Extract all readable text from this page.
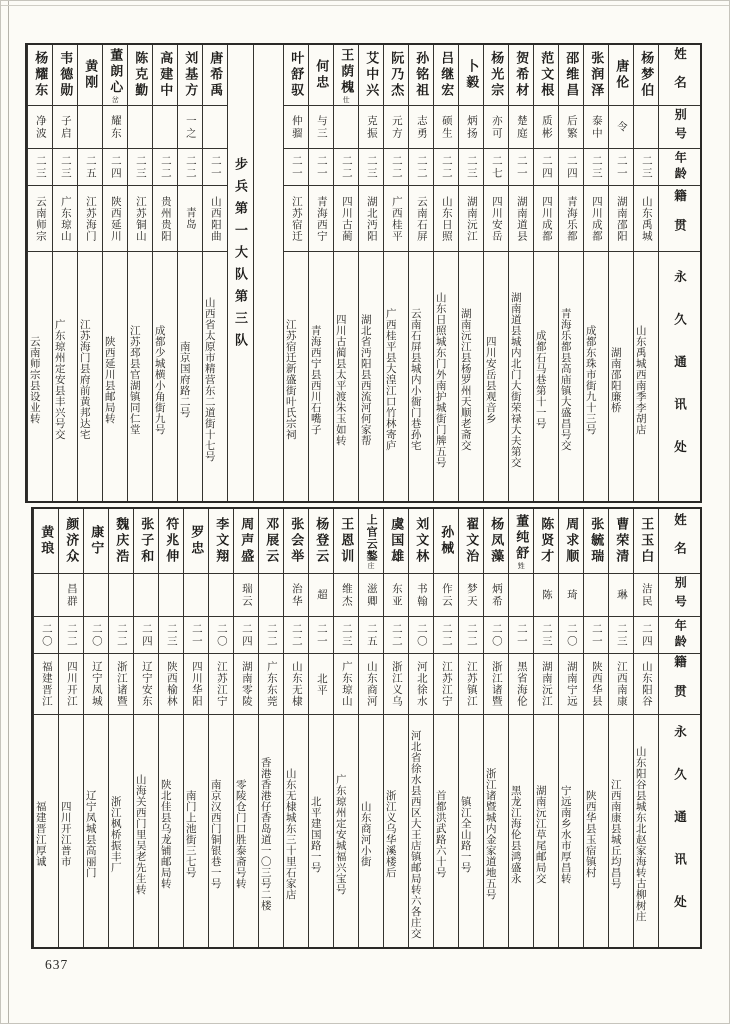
姓名
别号
年龄
籍贯
永久通讯处
杨梦伯
二三
山东禹城
山东禹城西南季李胡店
唐伦
令
二一
湖南邵阳
湖南邵阳廉桥
张润泽
泰中
二三
四川成都
成都东珠市街九十三号
邵维昌
后繁
二四
青海乐都
青海乐都县高庙镇大盛昌号交
范文根
质彬
二四
四川成都
成都石马巷第十一号
贺希材
楚庭
二一
湖南道县
湖南道县城内北门大街荣禄大夫第交
杨光宗
亦可
二七
四川安岳
四川安岳县观音乡
卜毅
炳扬
二三
湖南沅江
湖南沅江县杨罗州天顺老斋交
吕继宏
硕生
二二
山东日照
山东日照城东门外南护城街门牌五号
孙铭祖
志勇
二二
云南石屏
云南石屏县城内小衙门巷孙宅
阮乃杰
元方
二二
广西桂平
广西桂平县大湟江口竹林寄庐
艾中兴
克振
二三
湖北沔阳
湖北省沔阳县西流河何家帮
王荫槐仕
二二
四川古蔺
四川古蔺县太平渡朱玉如转
何忠
与三
二一
青海西宁
青海西宁县西川石嘴子
叶舒驭
仲骝
二一
江苏宿迁
江苏宿迁新盛街叶氏宗祠
步兵第一大队第三队
唐希禹
二一
山西阳曲
山西省太原市精营东二道街十七号
刘基方
一之
二二
青岛
南京国府路二号
高建中
二二
贵州贵阳
成都少城横小角街九号
陈克勤
二三
江苏铜山
江苏邳县官湖镇同仁堂
董朗心岔
耀东
二四
陕西延川
陕西延川县邮局转
黄刚
二五
江苏海门
江苏海门县府前黄邦达宅
韦德勋
子启
二三
广东琼山
广东琼州定安县丰兴号交
杨耀东
净波
二三
云南师宗
云南师宗县设业转
姓名
别号
年龄
籍贯
永久通讯处
王玉白
洁民
二四
山东阳谷
山东阳谷县城东北赵家海转古柳树庄
曹荣清
琳
二三
江西南康
江西南康县城丘均昌号
张毓瑞
二一
陕西华县
陕西华县玉宿镇村
周求顺
琦
二〇
湖南宁远
宁远南乡水市厚昌转
陈贤才
陈
二三
湖南沅江
湖南沅江草尾邮局交
董纯舒甡
二一
黑省海伦
黑龙江海伦县鸿盛永
杨凤藻
炳希
二〇
浙江诸暨
浙江诸暨城内金家道地五号
翟文治
梦天
二二
江苏镇江
镇江全山路一号
孙械
作云
二二
江苏江宁
首都洪武路六十号
刘文林
书翰
二〇
河北徐水
河北省徐水县西区大王店镇邮局转六各庄交
虞国雄
东亚
二二
浙江义乌
浙江义乌华溪楼后
上官云鏊庄
滋卿
二五
山东商河
山东商河小街
王恩训
维杰
二三
广东琼山
广东琼州定安城福兴宝号
杨登云
超
二一
北平
北平建国路一号
张会举
治华
二二
山东无棣
山东无棣城东三十里石家店
邓展云
二二
广东东莞
香港香港仔香岛道一〇三号二楼
周声盛
瑞云
二四
湖南零陵
零陵仓门口胜泰斋号转
李文翔
二〇
江苏江宁
南京汉西门铜银巷一号
罗忠
二一
四川华阳
南门上池街三七号
符兆伸
二三
陕西榆林
陕北佳县乌龙铺邮局转
张子和
二四
辽宁安东
山海关西门里吴老先生转
魏庆浩
二二
浙江诸暨
浙江枫桥振丰厂
康宁
二〇
辽宁凤城
辽宁凤城县高丽门
颜济众
昌群
二二
四川开江
四川开江普市
黄琅
二〇
福建晋江
福建晋江厚诚
637
